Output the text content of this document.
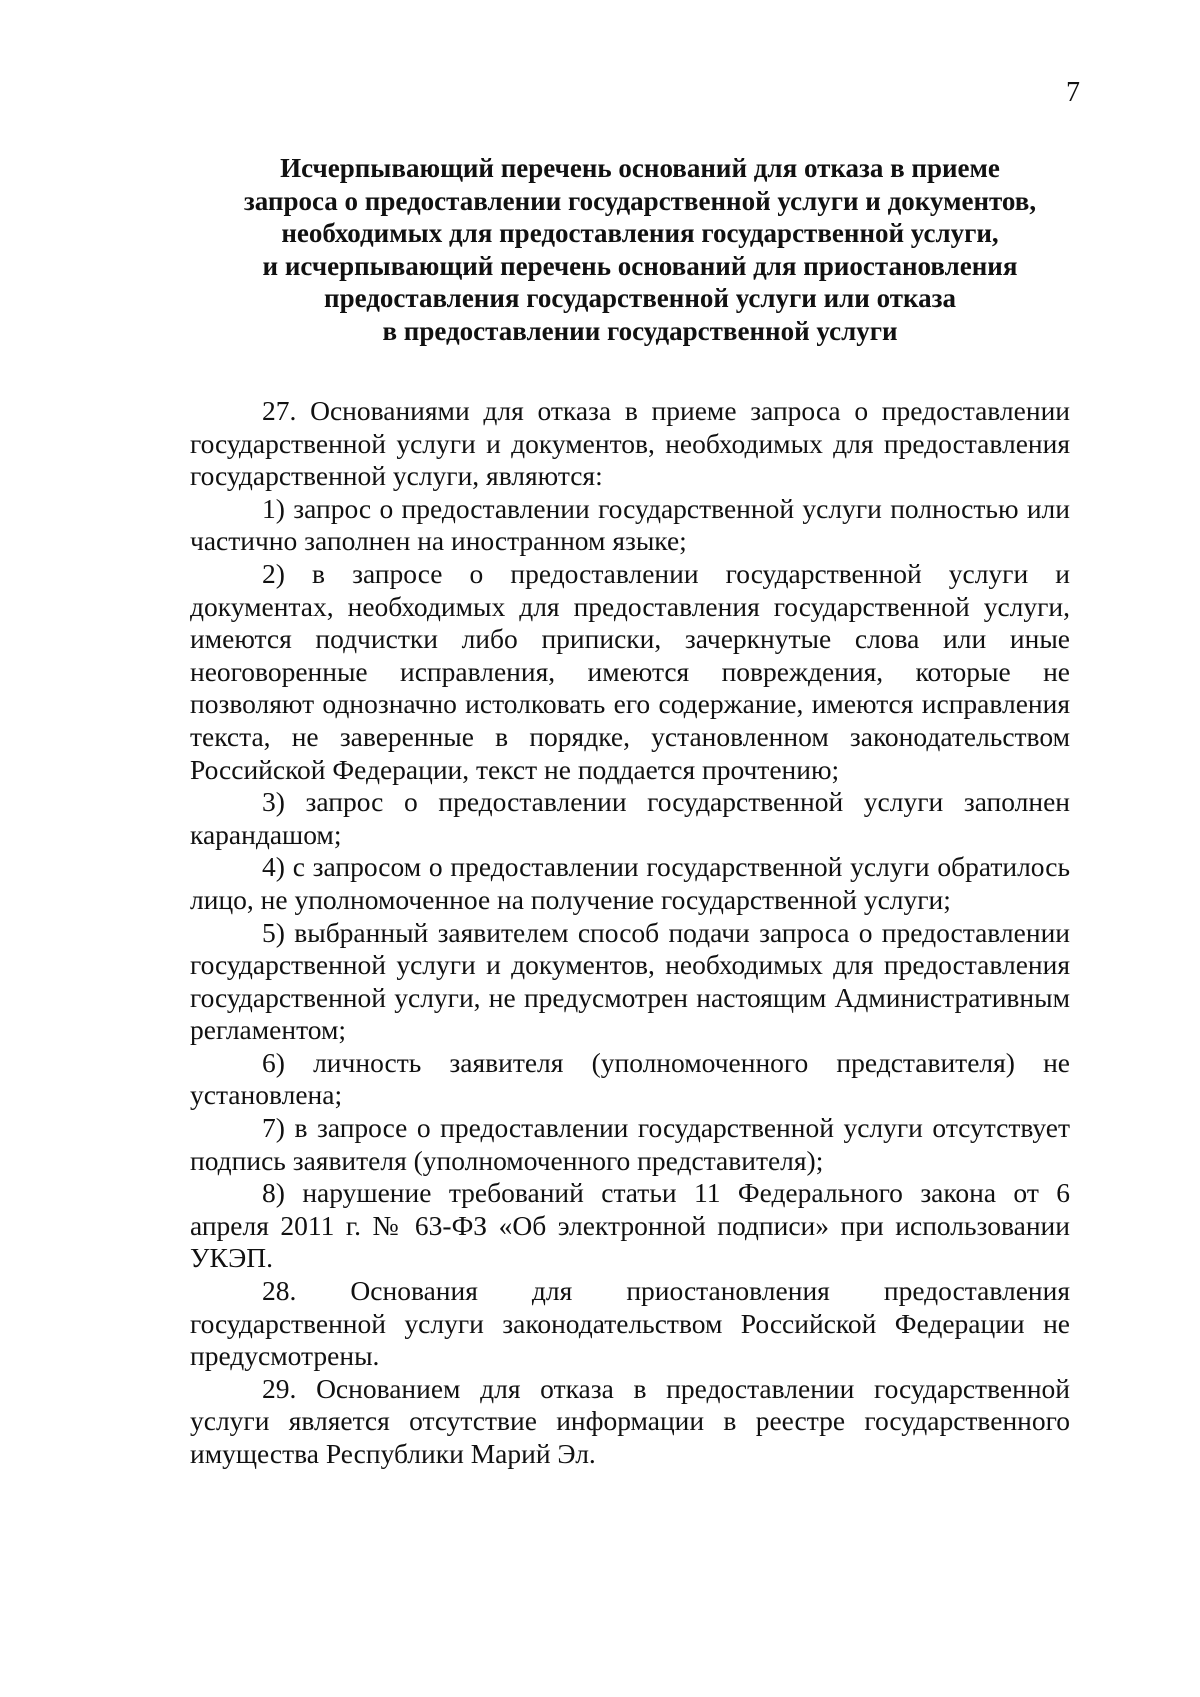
7
Исчерпывающий перечень оснований для отказа в приеме
запроса о предоставлении государственной услуги и документов,
необходимых для предоставления государственной услуги,
и исчерпывающий перечень оснований для приостановления
предоставления государственной услуги или отказа
в предоставлении государственной услуги

27. Основаниями для отказа в приеме запроса о предоставлении государственной услуги и документов, необходимых для предоставления государственной услуги, являются:

1) запрос о предоставлении государственной услуги полностью или частично заполнен на иностранном языке;

2) в запросе о предоставлении государственной услуги и документах, необходимых для предоставления государственной услуги, имеются подчистки либо приписки, зачеркнутые слова или иные неоговоренные исправления, имеются повреждения, которые не позволяют однозначно истолковать его содержание, имеются исправления текста, не заверенные в порядке, установленном законодательством Российской Федерации, текст не поддается прочтению;

3) запрос о предоставлении государственной услуги заполнен карандашом;

4) с запросом о предоставлении государственной услуги обратилось лицо, не уполномоченное на получение государственной услуги;

5) выбранный заявителем способ подачи запроса о предоставлении государственной услуги и документов, необходимых для предоставления государственной услуги, не предусмотрен настоящим Административным регламентом;

6) личность заявителя (уполномоченного представителя) не установлена;

7) в запросе о предоставлении государственной услуги отсутствует подпись заявителя (уполномоченного представителя);

8) нарушение требований статьи 11 Федерального закона от 6 апреля 2011 г. № 63-ФЗ «Об электронной подписи» при использовании УКЭП.

28. Основания для приостановления предоставления государственной услуги законодательством Российской Федерации не предусмотрены.

29. Основанием для отказа в предоставлении государственной услуги является отсутствие информации в реестре государственного имущества Республики Марий Эл.
